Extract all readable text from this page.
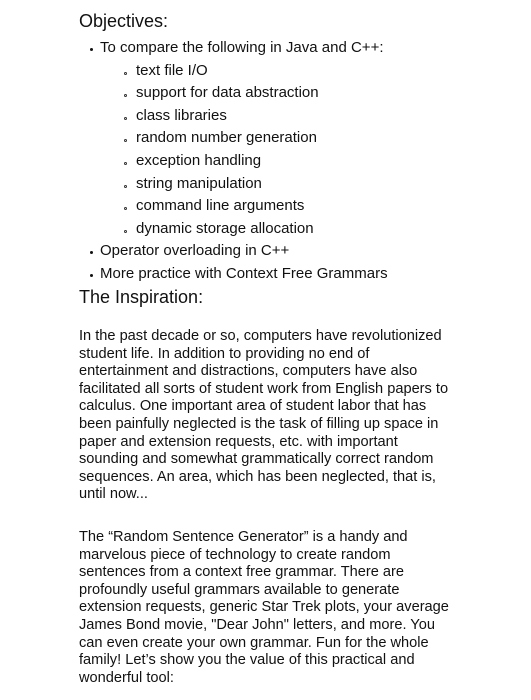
Objectives:
To compare the following in Java and C++:
text file I/O
support for data abstraction
class libraries
random number generation
exception handling
string manipulation
command line arguments
dynamic storage allocation
Operator overloading in C++
More practice with Context Free Grammars
The Inspiration:

In the past decade or so, computers have revolutionized student life. In addition to providing no end of entertainment and distractions, computers have also facilitated all sorts of student work from English papers to calculus. One important area of student labor that has been painfully neglected is the task of filling up space in paper and extension requests, etc. with important sounding and somewhat grammatically correct random sequences. An area, which has been neglected, that is, until now...

The “Random Sentence Generator” is a handy and marvelous piece of technology to create random sentences from a context free grammar. There are profoundly useful grammars available to generate extension requests, generic Star Trek plots, your average James Bond movie, "Dear John" letters, and more. You can even create your own grammar. Fun for the whole family! Let’s show you the value of this practical and wonderful tool:
